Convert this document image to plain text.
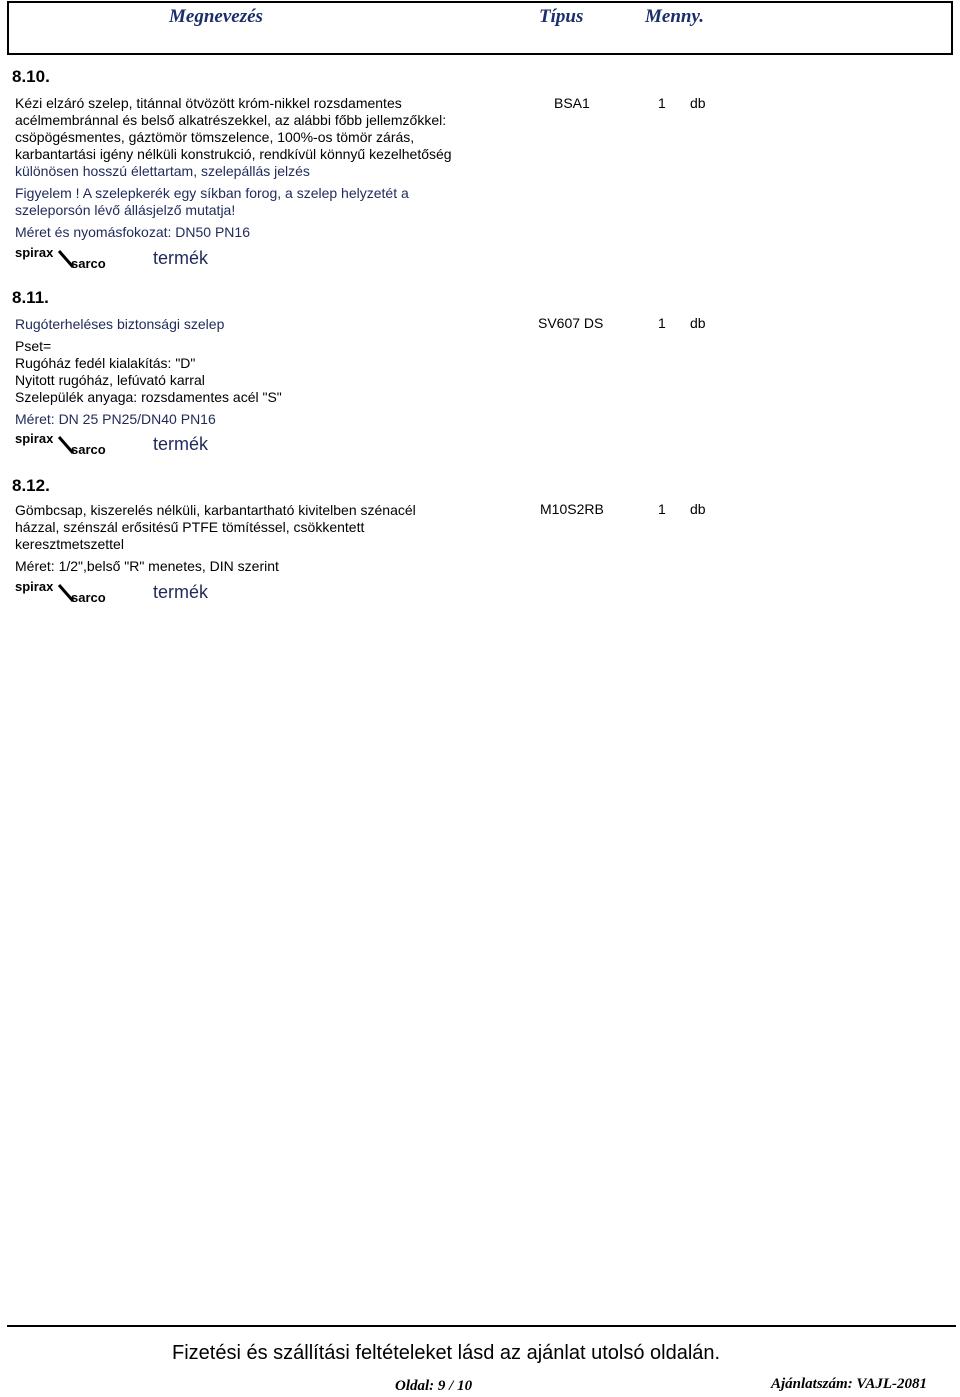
Megnevezés	Típus	Menny.
8.10.
Kézi elzáró szelep, titánnal ötvözött króm-nikkel rozsdamentes
acélmembránnal és belső alkatrészekkel, az alábbi főbb jellemzőkkel:
csöpögésmentes, gáztömör tömszelence, 100%-os tömör zárás,
karbantartási igény nélküli konstrukció, rendkívül könnyű kezelhetőség
különösen hosszú élettartam, szelepállás jelzés
Figyelem ! A szelepkerék egy síkban forog, a szelep helyzetét a
szeleporsón lévő állásjelző mutatja!
Méret és nyomásfokozat: DN50 PN16
spirax
sarco	termék
BSA1	1 db
8.11.
Rugóterheléses biztonsági szelep
Pset=
Rugóház fedél kialakítás: "D"
Nyitott rugóház, lefúvató karral
Szelepülék anyaga: rozsdamentes acél "S"
Méret: DN 25 PN25/DN40 PN16
spirax
sarco	termék
SV607 DS	1 db
8.12.
Gömbcsap, kiszerelés nélküli, karbantartható kivitelben szénacél
házzal, szénszál erősitésű PTFE tömítéssel, csökkentett
keresztmetszettel
Méret: 1/2",belső "R" menetes, DIN szerint
spirax
sarco	termék
M10S2RB	1 db
Fizetési és szállítási feltételeket lásd az ajánlat utolsó oldalán.
Oldal: 9 / 10	Ajánlatszám: VAJL-2081
